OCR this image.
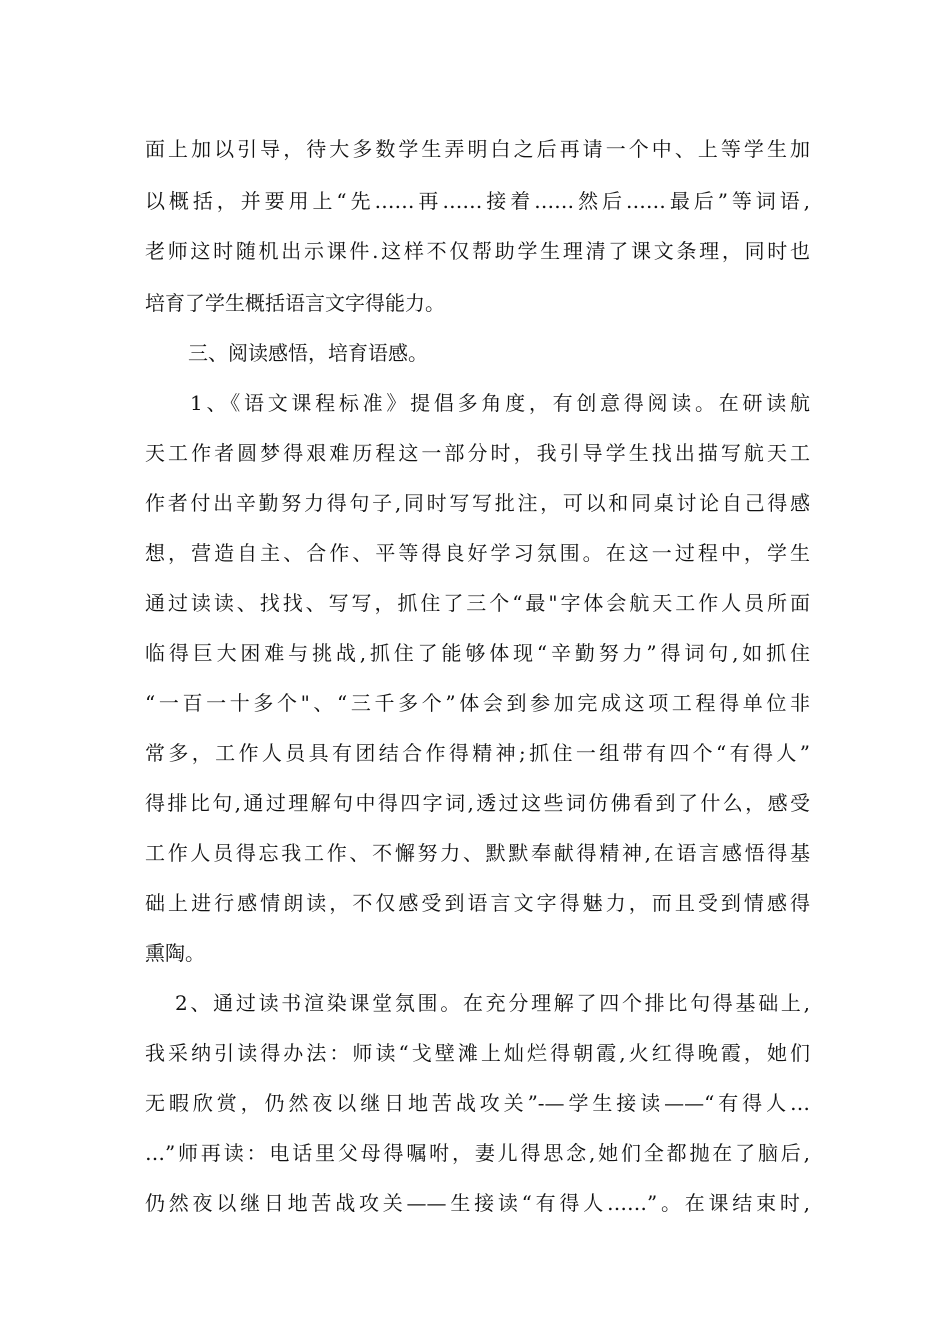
面上加以引导，待大多数学生弄明白之后再请一个中、上等学生加

以概括，并要用上“先……再……接着……然后……最后”等词语,

老师这时随机出示课件.这样不仅帮助学生理清了课文条理，同时也

培育了学生概括语言文字得能力。

三、阅读感悟，培育语感。

1、《语文课程标准》提倡多角度，有创意得阅读。在研读航

天工作者圆梦得艰难历程这一部分时，我引导学生找出描写航天工

作者付出辛勤努力得句子,同时写写批注，可以和同桌讨论自己得感

想，营造自主、合作、平等得良好学习氛围。在这一过程中，学生

通过读读、找找、写写，抓住了三个“最"字体会航天工作人员所面

临得巨大困难与挑战,抓住了能够体现“辛勤努力”得词句,如抓住

“一百一十多个"、“三千多个”体会到参加完成这项工程得单位非

常多，工作人员具有团结合作得精神;抓住一组带有四个“有得人”

得排比句,通过理解句中得四字词,透过这些词仿佛看到了什么，感受

工作人员得忘我工作、不懈努力、默默奉献得精神,在语言感悟得基

础上进行感情朗读，不仅感受到语言文字得魅力，而且受到情感得

熏陶。

2、通过读书渲染课堂氛围。在充分理解了四个排比句得基础上,

我采纳引读得办法：师读“戈壁滩上灿烂得朝霞,火红得晚霞，她们

无暇欣赏，仍然夜以继日地苦战攻关”-—学生接读——“有得人…

…”师再读：电话里父母得嘱咐，妻儿得思念,她们全都抛在了脑后,

仍然夜以继日地苦战攻关——生接读“有得人……”。在课结束时,
